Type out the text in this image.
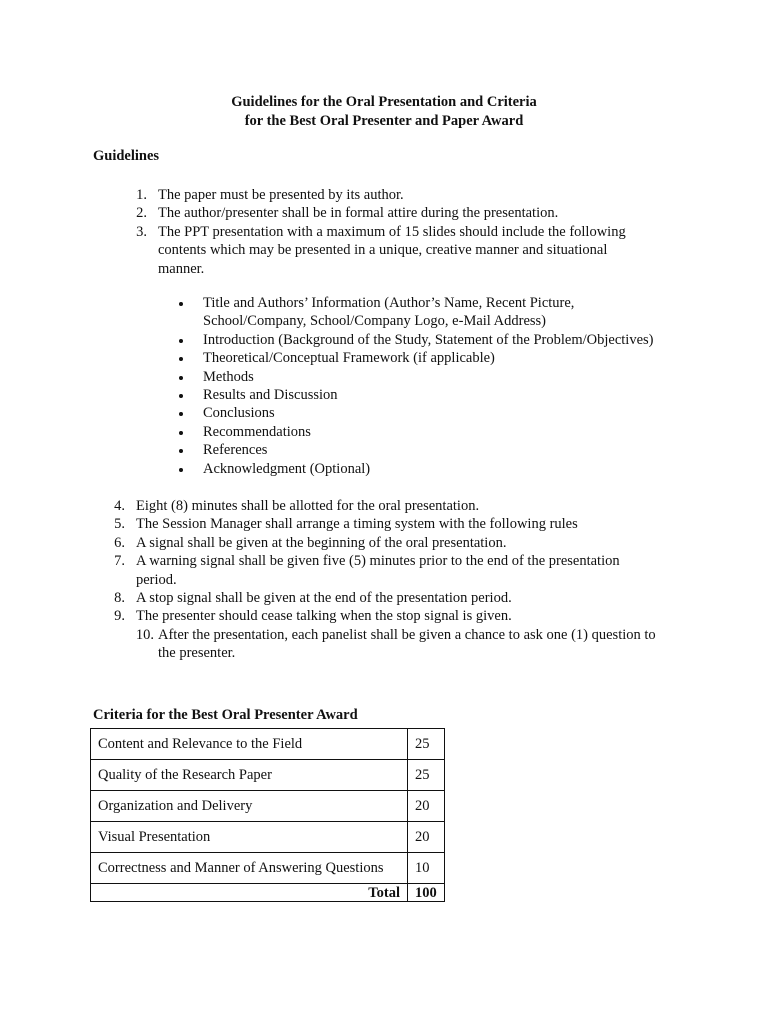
Guidelines for the Oral Presentation and Criteria
for the Best Oral Presenter and Paper Award
Guidelines
1. The paper must be presented by its author.
2. The author/presenter shall be in formal attire during the presentation.
3. The PPT presentation with a maximum of 15 slides should include the following
contents which may be presented in a unique, creative manner and situational
manner.
Title and Authors’ Information (Author’s Name, Recent Picture,
School/Company, School/Company Logo, e-Mail Address)
Introduction (Background of the Study, Statement of the Problem/Objectives)
Theoretical/Conceptual Framework (if applicable)
Methods
Results and Discussion
Conclusions
Recommendations
References
Acknowledgment (Optional)
4. Eight (8) minutes shall be allotted for the oral presentation.
5. The Session Manager shall arrange a timing system with the following rules
6. A signal shall be given at the beginning of the oral presentation.
7. A warning signal shall be given five (5) minutes prior to the end of the presentation
period.
8. A stop signal shall be given at the end of the presentation period.
9. The presenter should cease talking when the stop signal is given.
10. After the presentation, each panelist shall be given a chance to ask one (1) question to
the presenter.
Criteria for the Best Oral Presenter Award
Content and Relevance to the Field	25
Quality of the Research Paper	25
Organization and Delivery	20
Visual Presentation	20
Correctness and Manner of Answering Questions	10
Total	100
